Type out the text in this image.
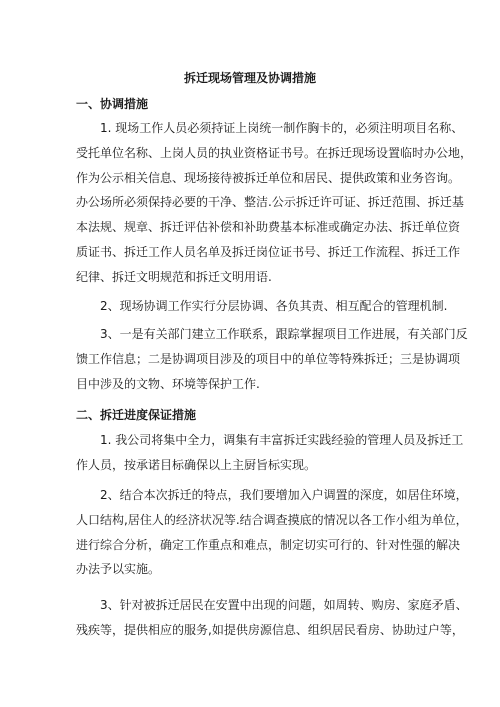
拆迁现场管理及协调措施
一、协调措施
1. 现场工作人员必须持证上岗统一制作胸卡的，必须注明项目名称、
受托单位名称、上岗人员的执业资格证书号。在拆迁现场设置临时办公地，
作为公示相关信息、现场接待被拆迁单位和居民、提供政策和业务咨询。
办公场所必须保持必要的干净、整洁.公示拆迁许可证、拆迁范围、拆迁基
本法规、规章、拆迁评估补偿和补助费基本标准或确定办法、拆迁单位资
质证书、拆迁工作人员名单及拆迁岗位证书号、拆迁工作流程、拆迁工作
纪律、拆迁文明规范和拆迁文明用语.
2、现场协调工作实行分层协调、各负其责、相互配合的管理机制.
3、一是有关部门建立工作联系，跟踪掌握项目工作进展，有关部门反
馈工作信息；二是协调项目涉及的项目中的单位等特殊拆迁；三是协调项
目中涉及的文物、环境等保护工作.
二、拆迁进度保证措施
1. 我公司将集中全力，调集有丰富拆迁实践经验的管理人员及拆迁工
作人员，按承诺目标确保以上主厨旨标实现。
2、结合本次拆迁的特点，我们要增加入户调置的深度，如居住环境，
人口结构,居住人的经济状况等.结合调查摸底的情况以各工作小组为单位，
进行综合分析，确定工作重点和难点，制定切实可行的、针对性强的解决
办法予以实施。
3、针对被拆迁居民在安置中出现的问题，如周转、购房、家庭矛盾、
残疾等，提供相应的服务,如提供房源信息、组织居民看房、协助过户等，
